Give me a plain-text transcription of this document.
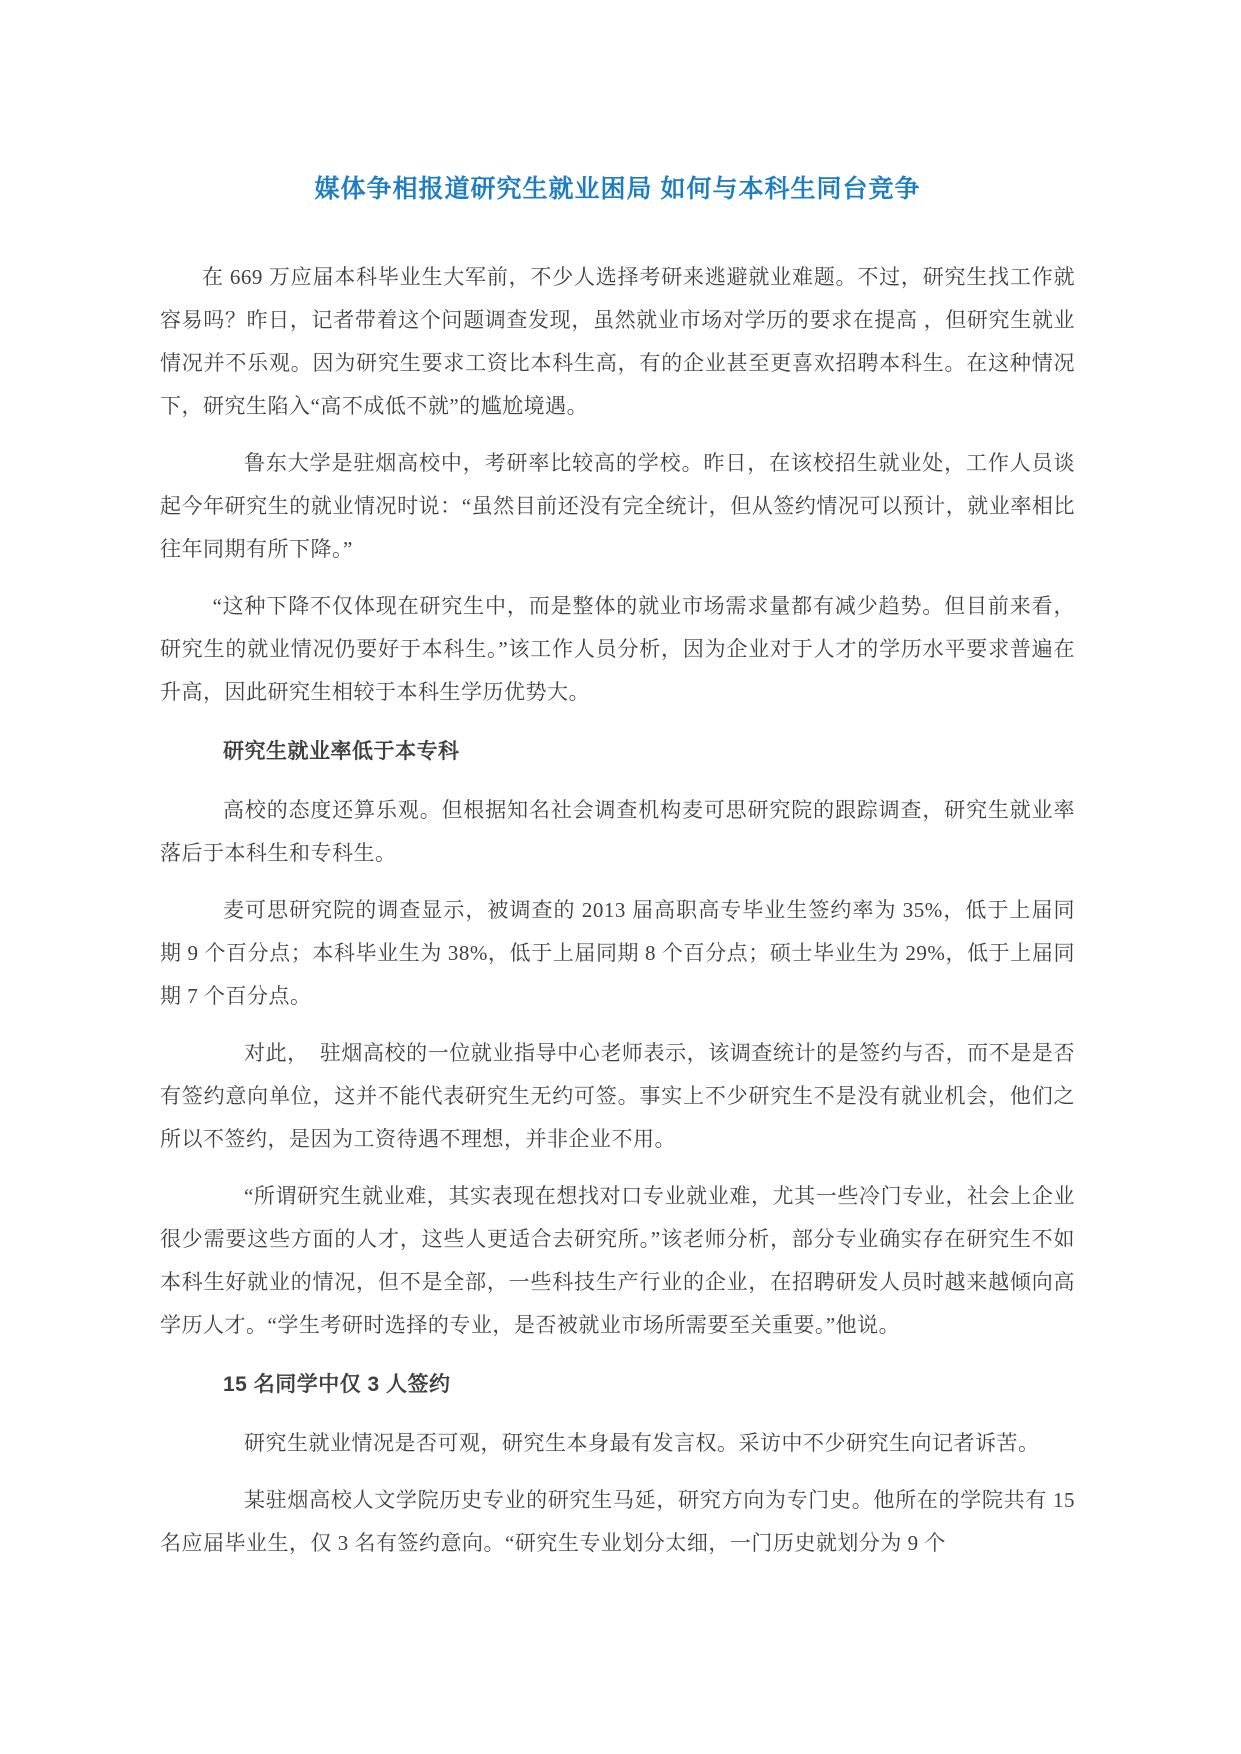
媒体争相报道研究生就业困局 如何与本科生同台竞争

在 669 万应届本科毕业生大军前，不少人选择考研来逃避就业难题。不过，研究生找工作就容易吗？昨日，记者带着这个问题调查发现，虽然就业市场对学历的要求在提高 ，但研究生就业情况并不乐观。因为研究生要求工资比本科生高，有的企业甚至更喜欢招聘本科生。在这种情况下，研究生陷入“高不成低不就”的尴尬境遇。

鲁东大学是驻烟高校中，考研率比较高的学校。昨日，在该校招生就业处，工作人员谈起今年研究生的就业情况时说：“虽然目前还没有完全统计，但从签约情况可以预计，就业率相比往年同期有所下降。”

“这种下降不仅体现在研究生中，而是整体的就业市场需求量都有减少趋势。但目前来看，研究生的就业情况仍要好于本科生。”该工作人员分析，因为企业对于人才的学历水平要求普遍在升高，因此研究生相较于本科生学历优势大。

研究生就业率低于本专科

高校的态度还算乐观。但根据知名社会调查机构麦可思研究院的跟踪调查，研究生就业率落后于本科生和专科生。

麦可思研究院的调查显示，被调查的 2013 届高职高专毕业生签约率为 35%，低于上届同期 9 个百分点；本科毕业生为 38%，低于上届同期 8 个百分点；硕士毕业生为 29%，低于上届同期 7 个百分点。

对此，　驻烟高校的一位就业指导中心老师表示，该调查统计的是签约与否，而不是是否有签约意向单位，这并不能代表研究生无约可签。事实上不少研究生不是没有就业机会，他们之所以不签约，是因为工资待遇不理想，并非企业不用。

“所谓研究生就业难，其实表现在想找对口专业就业难，尤其一些冷门专业，社会上企业很少需要这些方面的人才，这些人更适合去研究所。”该老师分析，部分专业确实存在研究生不如本科生好就业的情况，但不是全部，一些科技生产行业的企业，在招聘研发人员时越来越倾向高学历人才。“学生考研时选择的专业，是否被就业市场所需要至关重要。”他说。

15 名同学中仅 3 人签约

研究生就业情况是否可观，研究生本身最有发言权。采访中不少研究生向记者诉苦。

某驻烟高校人文学院历史专业的研究生马延，研究方向为专门史。他所在的学院共有 15 名应届毕业生，仅 3 名有签约意向。“研究生专业划分太细，一门历史就划分为 9 个
